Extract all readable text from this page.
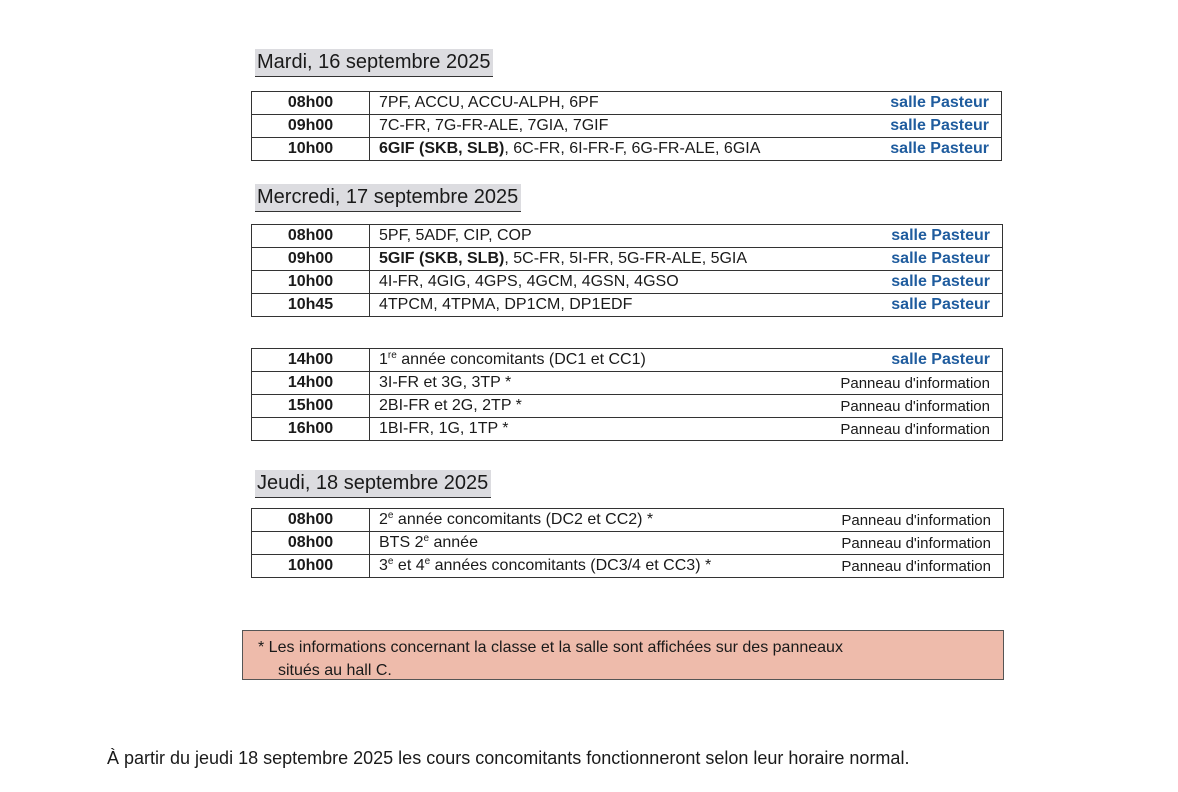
Mardi, 16 septembre 2025
08h00	7PF, ACCU, ACCU-ALPH, 6PF	salle Pasteur
09h00	7C-FR, 7G-FR-ALE, 7GIA, 7GIF	salle Pasteur
10h00	6GIF (SKB, SLB), 6C-FR, 6I-FR-F, 6G-FR-ALE, 6GIA	salle Pasteur
Mercredi, 17 septembre 2025
08h00	5PF, 5ADF, CIP, COP	salle Pasteur
09h00	5GIF (SKB, SLB), 5C-FR, 5I-FR, 5G-FR-ALE, 5GIA	salle Pasteur
10h00	4I-FR, 4GIG, 4GPS, 4GCM, 4GSN, 4GSO	salle Pasteur
10h45	4TPCM, 4TPMA, DP1CM, DP1EDF	salle Pasteur
14h00	1re année concomitants (DC1 et CC1)	salle Pasteur
14h00	3I-FR et 3G, 3TP *	Panneau d'information
15h00	2BI-FR et 2G, 2TP *	Panneau d'information
16h00	1BI-FR, 1G, 1TP *	Panneau d'information
Jeudi, 18 septembre 2025
08h00	2e année concomitants (DC2 et CC2) *	Panneau d'information
08h00	BTS 2e année	Panneau d'information
10h00	3e et 4e années concomitants (DC3/4 et CC3) *	Panneau d'information
* Les informations concernant la classe et la salle sont affichées sur des panneaux
situés au hall C.
À partir du jeudi 18 septembre 2025 les cours concomitants fonctionneront selon leur horaire normal.
